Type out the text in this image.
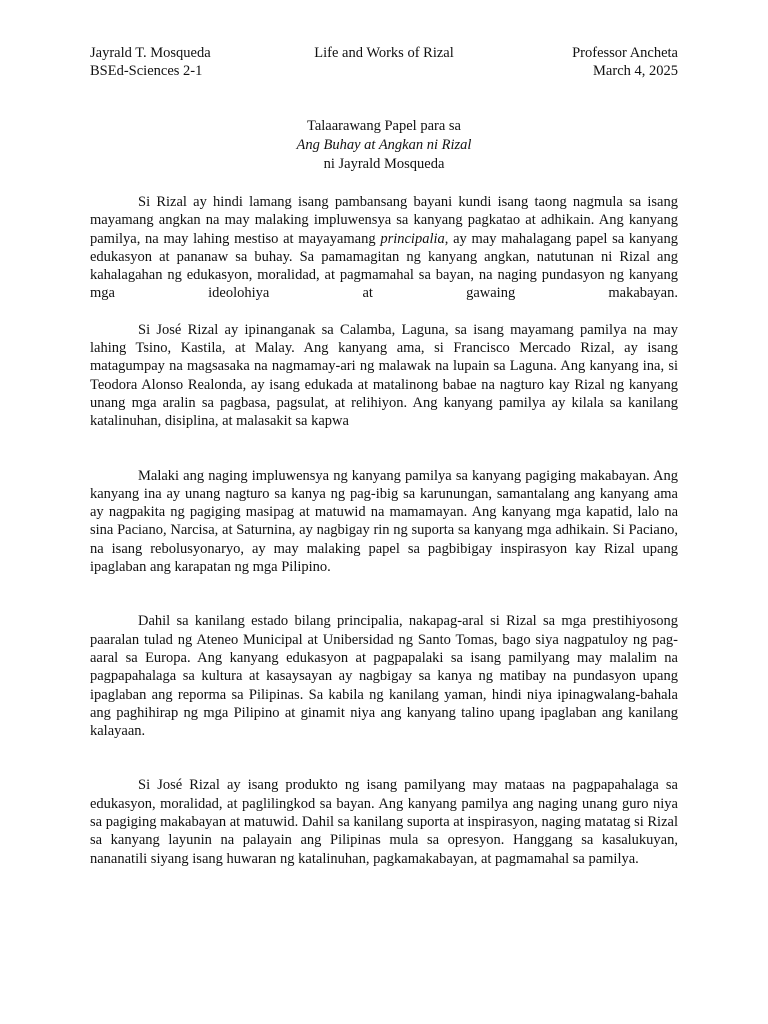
Jayrald T. Mosqueda
BSEd-Sciences 2-1
Life and Works of Rizal	Professor Ancheta
March 4, 2025
Talaarawang Papel para sa
Ang Buhay at Angkan ni Rizal
ni Jayrald Mosqueda

Si Rizal ay hindi lamang isang pambansang bayani kundi isang taong nagmula sa isang mayamang angkan na may malaking impluwensya sa kanyang pagkatao at adhikain. Ang kanyang pamilya, na may lahing mestiso at mayayamang principalia, ay may mahalagang papel sa kanyang edukasyon at pananaw sa buhay. Sa pamamagitan ng kanyang angkan, natutunan ni Rizal ang kahalagahan ng edukasyon, moralidad, at pagmamahal sa bayan, na naging pundasyon ng kanyang mga ideolohiya at gawaing makabayan.

Si José Rizal ay ipinanganak sa Calamba, Laguna, sa isang mayamang pamilya na may lahing Tsino, Kastila, at Malay. Ang kanyang ama, si Francisco Mercado Rizal, ay isang matagumpay na magsasaka na nagmamay-ari ng malawak na lupain sa Laguna. Ang kanyang ina, si Teodora Alonso Realonda, ay isang edukada at matalinong babae na nagturo kay Rizal ng kanyang unang mga aralin sa pagbasa, pagsulat, at relihiyon. Ang kanyang pamilya ay kilala sa kanilang katalinuhan, disiplina, at malasakit sa kapwa

Malaki ang naging impluwensya ng kanyang pamilya sa kanyang pagiging makabayan. Ang kanyang ina ay unang nagturo sa kanya ng pag-ibig sa karunungan, samantalang ang kanyang ama ay nagpakita ng pagiging masipag at matuwid na mamamayan. Ang kanyang mga kapatid, lalo na sina Paciano, Narcisa, at Saturnina, ay nagbigay rin ng suporta sa kanyang mga adhikain. Si Paciano, na isang rebolusyonaryo, ay may malaking papel sa pagbibigay inspirasyon kay Rizal upang ipaglaban ang karapatan ng mga Pilipino.

Dahil sa kanilang estado bilang principalia, nakapag-aral si Rizal sa mga prestihiyosong paaralan tulad ng Ateneo Municipal at Unibersidad ng Santo Tomas, bago siya nagpatuloy ng pag-aaral sa Europa. Ang kanyang edukasyon at pagpapalaki sa isang pamilyang may malalim na pagpapahalaga sa kultura at kasaysayan ay nagbigay sa kanya ng matibay na pundasyon upang ipaglaban ang reporma sa Pilipinas. Sa kabila ng kanilang yaman, hindi niya ipinagwalang-bahala ang paghihirap ng mga Pilipino at ginamit niya ang kanyang talino upang ipaglaban ang kanilang kalayaan.

Si José Rizal ay isang produkto ng isang pamilyang may mataas na pagpapahalaga sa edukasyon, moralidad, at paglilingkod sa bayan. Ang kanyang pamilya ang naging unang guro niya sa pagiging makabayan at matuwid. Dahil sa kanilang suporta at inspirasyon, naging matatag si Rizal sa kanyang layunin na palayain ang Pilipinas mula sa opresyon. Hanggang sa kasalukuyan, nananatili siyang isang huwaran ng katalinuhan, pagkamakabayan, at pagmamahal sa pamilya.
